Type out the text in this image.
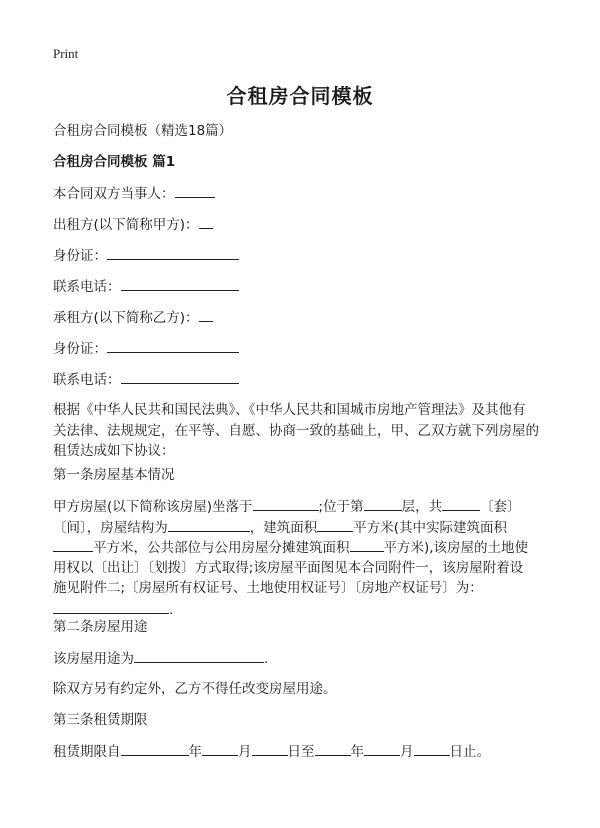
Print
合租房合同模板
合租房合同模板（精选18篇）
合租房合同模板 篇1
本合同双方当事人：
出租方(以下简称甲方)：
身份证：
联系电话：
承租方(以下简称乙方)：
身份证：
联系电话：
根据《中华人民共和国民法典》、《中华人民共和国城市房地产管理法》及其他有
关法律、法规规定，在平等、自愿、协商一致的基础上，甲、乙双方就下列房屋的
租赁达成如下协议：
第一条房屋基本情况
甲方房屋(以下简称该房屋)坐落于	;位于第	层，共	〔套〕
〔间〕，房屋结构为	，建筑面积	平方米(其中实际建筑面积
平方米，公共部位与公用房屋分摊建筑面积	平方米),该房屋的土地使
用权以〔出让〕〔划拨〕方式取得;该房屋平面图见本合同附件一，该房屋附着设
施见附件二;〔房屋所有权证号、土地使用权证号〕〔房地产权证号〕为：
.
第二条房屋用途
该房屋用途为	.
除双方另有约定外，乙方不得任改变房屋用途。
第三条租赁期限
租赁期限自	年	月	日至	年	月	日止。
